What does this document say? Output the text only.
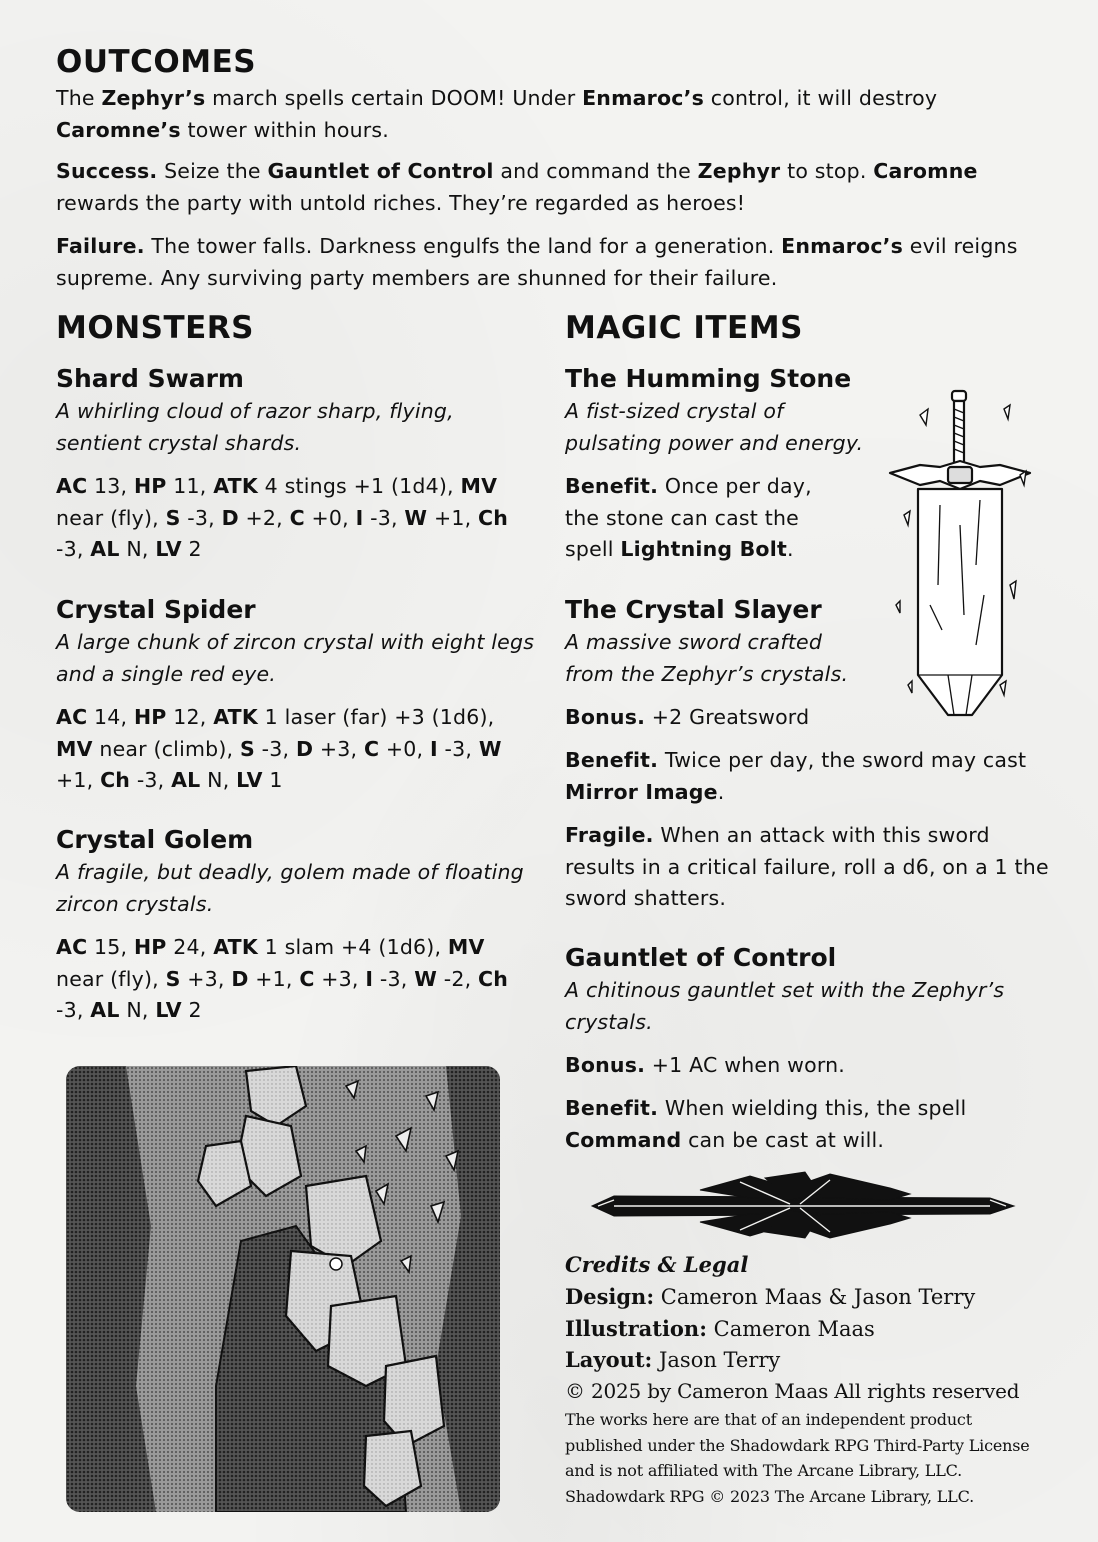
OUTCOMES

The Zephyr’s march spells certain DOOM! Under Enmaroc’s control, it will destroy Caromne’s tower within hours.

Success. Seize the Gauntlet of Control and command the Zephyr to stop. Caromne rewards the party with untold riches. They’re regarded as heroes!

Failure. The tower falls. Darkness engulfs the land for a generation. Enmaroc’s evil reigns supreme. Any surviving party members are shunned for their failure.

MONSTERS
Shard Swarm

A whirling cloud of razor sharp, flying, sentient crystal shards.

AC 13, HP 11, ATK 4 stings +1 (1d4), MV near (fly), S -3, D +2, C +0, I -3, W +1, Ch -3, AL N, LV 2

Crystal Spider

A large chunk of zircon crystal with eight legs and a single red eye.

AC 14, HP 12, ATK 1 laser (far) +3 (1d6), MV near (climb), S -3, D +3, C +0, I -3, W +1, Ch -3, AL N, LV 1

Crystal Golem

A fragile, but deadly, golem made of floating zircon crystals.

AC 15, HP 24, ATK 1 slam +4 (1d6), MV near (fly), S +3, D +1, C +3, I -3, W -2, Ch -3, AL N, LV 2

MAGIC ITEMS
The Humming Stone

A fist-sized crystal of pulsating power and energy.

Benefit. Once per day, the stone can cast the spell Lightning Bolt.

The Crystal Slayer

A massive sword crafted from the Zephyr’s crystals.

Bonus. +2 Greatsword

Benefit. Twice per day, the sword may cast Mirror Image.

Fragile. When an attack with this sword results in a critical failure, roll a d6, on a 1 the sword shatters.

Gauntlet of Control

A chitinous gauntlet set with the Zephyr’s crystals.

Bonus. +1 AC when worn.

Benefit. When wielding this, the spell Command can be cast at will.

Credits & Legal

Design: Cameron Maas & Jason Terry

Illustration: Cameron Maas

Layout: Jason Terry

© 2025 by Cameron Maas All rights reserved

The works here are that of an independent product published under the Shadowdark RPG Third-Party License and is not affiliated with The Arcane Library, LLC. Shadowdark RPG © 2023 The Arcane Library, LLC.
